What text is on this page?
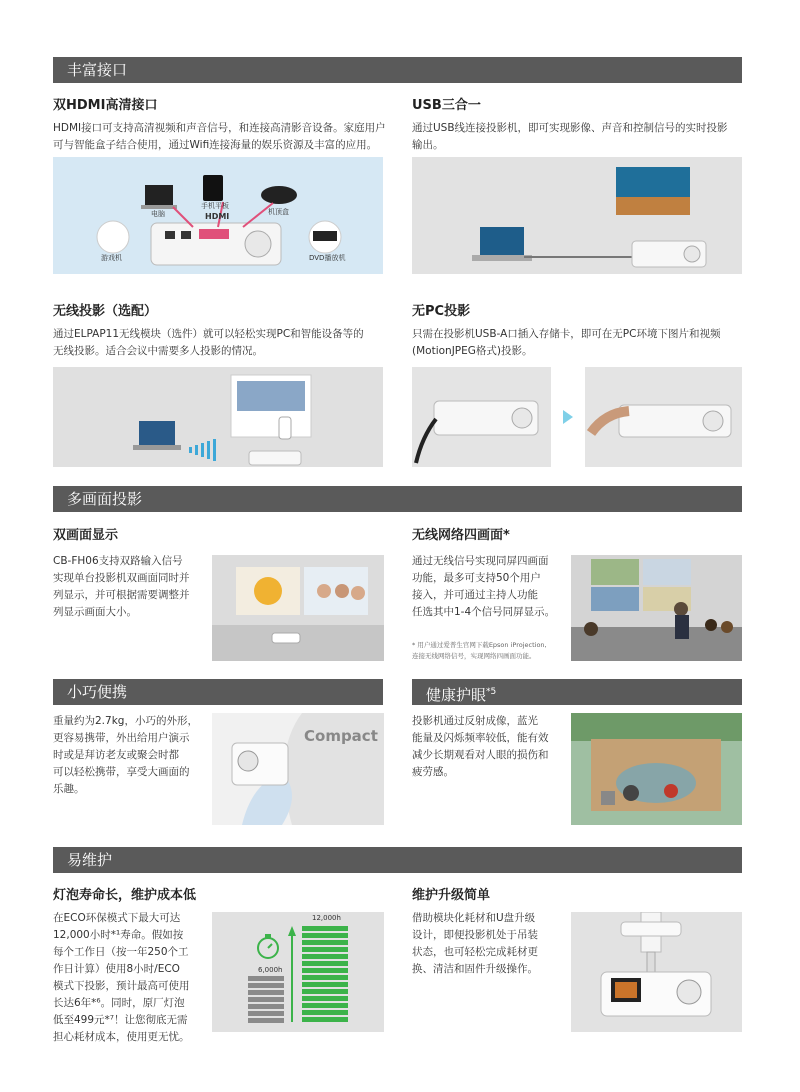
丰富接口
双HDMI高清接口
HDMI接口可支持高清视频和声音信号，和连接高清影音设备。家庭用户
可与智能盒子结合使用，通过Wifi连接海量的娱乐资源及丰富的应用。
电脑
手机平板
HDMI	机顶盒
游戏机	DVD播放机
USB三合一
通过USB线连接投影机，即可实现影像、声音和控制信号的实时投影
输出。
无线投影（选配）
通过ELPAP11无线模块（选件）就可以轻松实现PC和智能设备等的
无线投影。适合会议中需要多人投影的情况。
无PC投影
只需在投影机USB-A口插入存储卡，即可在无PC环境下图片和视频
(MotionJPEG格式)投影。
多画面投影
双画面显示
CB-FH06支持双路输入信号
实现单台投影机双画面同时并
列显示，并可根据需要调整并
列显示画面大小。
无线网络四画面*
通过无线信号实现同屏四画面
功能，最多可支持50个用户
接入，并可通过主持人功能
任选其中1-4个信号同屏显示。
* 用户通过爱普生官网下载Epson iProjection,
连接无线网络信号，实现网络四画面功能。
小巧便携	健康护眼$^{*5}$
重量约为2.7kg，小巧的外形，
更容易携带，外出给用户演示
时或是拜访老友或聚会时都
可以轻松携带，享受大画面的
乐趣。
Compact
投影机通过反射成像，蓝光
能量及闪烁频率较低，能有效
减少长期观看对人眼的损伤和
疲劳感。
易维护
灯泡寿命长，维护成本低
在ECO环保模式下最大可达
12,000小时*¹寿命。假如按
每个工作日（按一年250个工
作日计算）使用8小时/ECO
模式下投影，预计最高可使用
长达6年*⁶。同时，原厂灯泡
低至499元*⁷！让您彻底无需
担心耗材成本，使用更无忧。
12,000h
6,000h
维护升级简单
借助模块化耗材和U盘升级
设计，即便投影机处于吊装
状态，也可轻松完成耗材更
换、清洁和固件升级操作。
